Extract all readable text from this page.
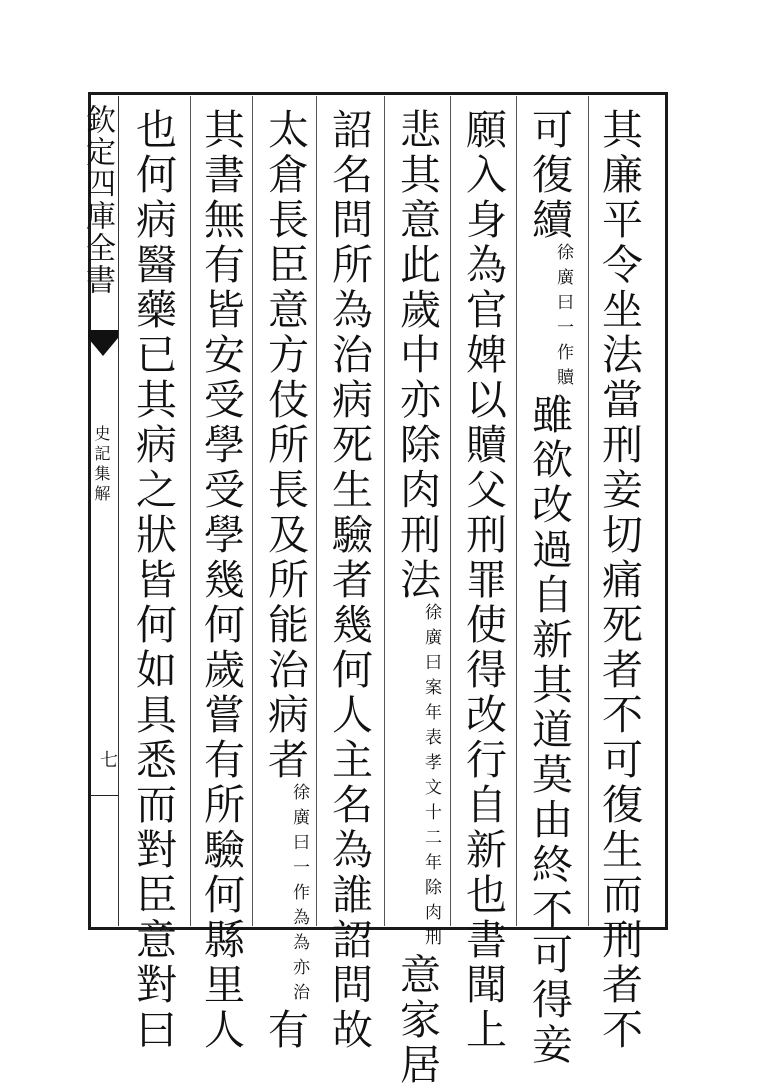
欽定四庫全書
史記集解
七	其廉平令坐法當刑妾切痛死者不可復生而刑者不
可復續徐廣曰一作贖雖欲改過自新其道莫由終不可得妾
願入身為官婢以贖父刑罪使得改行自新也書聞上
悲其意此歲中亦除肉刑法徐廣曰案年表孝文十二年除肉刑意家居
詔名問所為治病死生驗者幾何人主名為誰詔問故
太倉長臣意方伎所長及所能治病者徐廣曰一作為為亦治有
其書無有皆安受學受學幾何歲嘗有所驗何縣里人
也何病醫藥已其病之狀皆何如具悉而對臣意對曰
